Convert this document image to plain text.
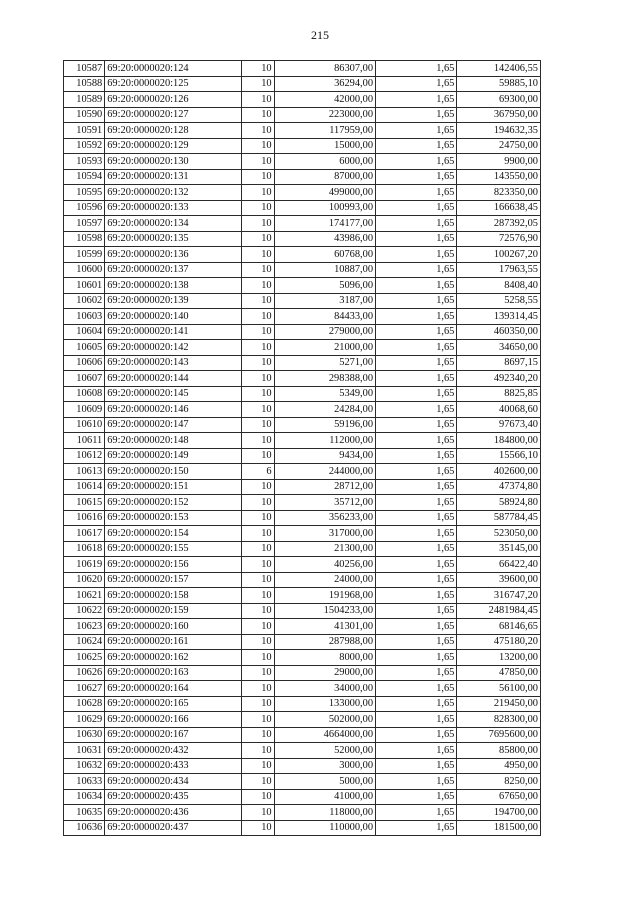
215
10587	69:20:0000020:124	10	86307,00	1,65	142406,55
10588	69:20:0000020:125	10	36294,00	1,65	59885,10
10589	69:20:0000020:126	10	42000,00	1,65	69300,00
10590	69:20:0000020:127	10	223000,00	1,65	367950,00
10591	69:20:0000020:128	10	117959,00	1,65	194632,35
10592	69:20:0000020:129	10	15000,00	1,65	24750,00
10593	69:20:0000020:130	10	6000,00	1,65	9900,00
10594	69:20:0000020:131	10	87000,00	1,65	143550,00
10595	69:20:0000020:132	10	499000,00	1,65	823350,00
10596	69:20:0000020:133	10	100993,00	1,65	166638,45
10597	69:20:0000020:134	10	174177,00	1,65	287392,05
10598	69:20:0000020:135	10	43986,00	1,65	72576,90
10599	69:20:0000020:136	10	60768,00	1,65	100267,20
10600	69:20:0000020:137	10	10887,00	1,65	17963,55
10601	69:20:0000020:138	10	5096,00	1,65	8408,40
10602	69:20:0000020:139	10	3187,00	1,65	5258,55
10603	69:20:0000020:140	10	84433,00	1,65	139314,45
10604	69:20:0000020:141	10	279000,00	1,65	460350,00
10605	69:20:0000020:142	10	21000,00	1,65	34650,00
10606	69:20:0000020:143	10	5271,00	1,65	8697,15
10607	69:20:0000020:144	10	298388,00	1,65	492340,20
10608	69:20:0000020:145	10	5349,00	1,65	8825,85
10609	69:20:0000020:146	10	24284,00	1,65	40068,60
10610	69:20:0000020:147	10	59196,00	1,65	97673,40
10611	69:20:0000020:148	10	112000,00	1,65	184800,00
10612	69:20:0000020:149	10	9434,00	1,65	15566,10
10613	69:20:0000020:150	6	244000,00	1,65	402600,00
10614	69:20:0000020:151	10	28712,00	1,65	47374,80
10615	69:20:0000020:152	10	35712,00	1,65	58924,80
10616	69:20:0000020:153	10	356233,00	1,65	587784,45
10617	69:20:0000020:154	10	317000,00	1,65	523050,00
10618	69:20:0000020:155	10	21300,00	1,65	35145,00
10619	69:20:0000020:156	10	40256,00	1,65	66422,40
10620	69:20:0000020:157	10	24000,00	1,65	39600,00
10621	69:20:0000020:158	10	191968,00	1,65	316747,20
10622	69:20:0000020:159	10	1504233,00	1,65	2481984,45
10623	69:20:0000020:160	10	41301,00	1,65	68146,65
10624	69:20:0000020:161	10	287988,00	1,65	475180,20
10625	69:20:0000020:162	10	8000,00	1,65	13200,00
10626	69:20:0000020:163	10	29000,00	1,65	47850,00
10627	69:20:0000020:164	10	34000,00	1,65	56100,00
10628	69:20:0000020:165	10	133000,00	1,65	219450,00
10629	69:20:0000020:166	10	502000,00	1,65	828300,00
10630	69:20:0000020:167	10	4664000,00	1,65	7695600,00
10631	69:20:0000020:432	10	52000,00	1,65	85800,00
10632	69:20:0000020:433	10	3000,00	1,65	4950,00
10633	69:20:0000020:434	10	5000,00	1,65	8250,00
10634	69:20:0000020:435	10	41000,00	1,65	67650,00
10635	69:20:0000020:436	10	118000,00	1,65	194700,00
10636	69:20:0000020:437	10	110000,00	1,65	181500,00
